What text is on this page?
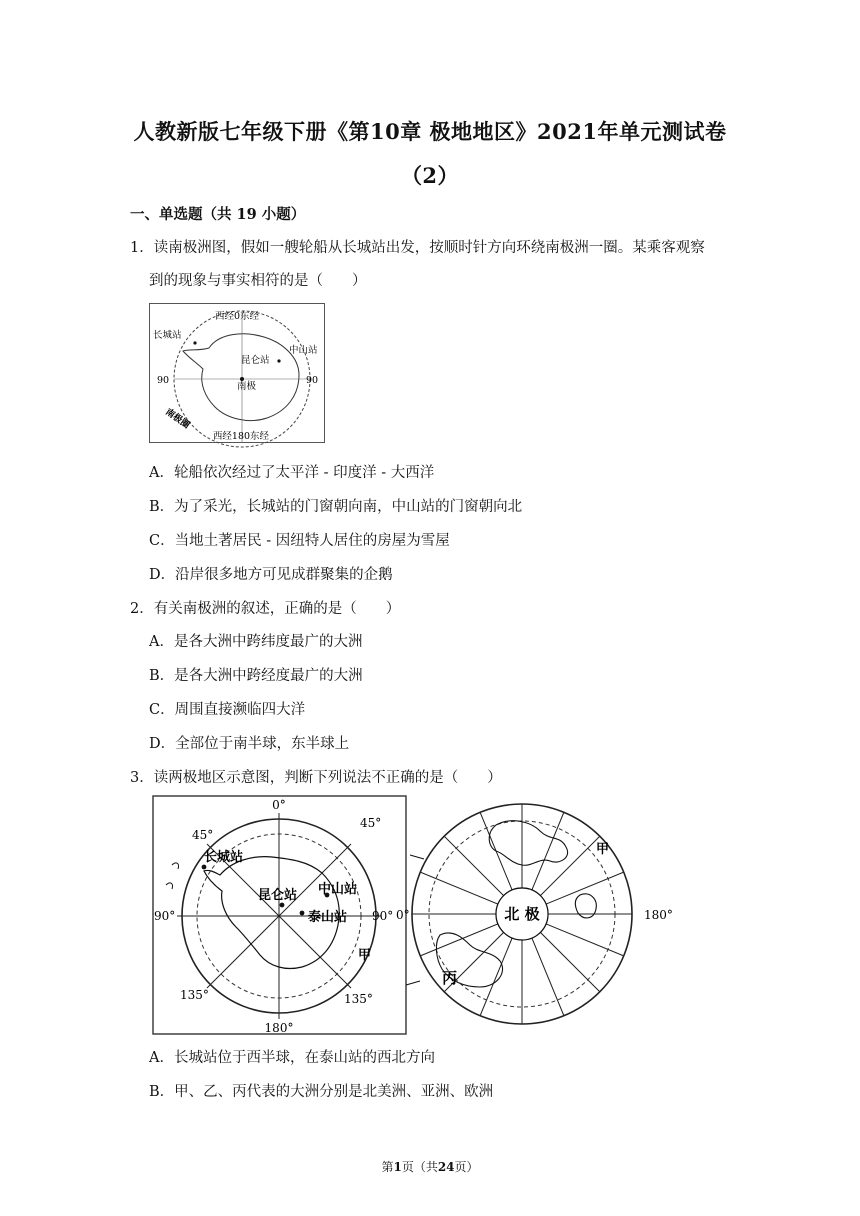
人教新版七年级下册《第10章 极地地区》2021年单元测试卷
（2）
一、单选题（共 19 小题）
1．读南极洲图，假如一艘轮船从长城站出发，按顺时针方向环绕南极洲一圈。某乘客观察
到的现象与事实相符的是（　　）
西经0东经
长城站
中山站
昆仑站
南极
90	90
南极圈
西经180东经
A．轮船依次经过了太平洋 - 印度洋 - 大西洋
B．为了采光，长城站的门窗朝向南，中山站的门窗朝向北
C．当地土著居民 - 因纽特人居住的房屋为雪屋
D．沿岸很多地方可见成群聚集的企鹅
2．有关南极洲的叙述，正确的是（　　）
A．是各大洲中跨纬度最广的大洲
B．是各大洲中跨经度最广的大洲
C．周围直接濒临四大洋
D．全部位于南半球，东半球上
3．读两极地区示意图，判断下列说法不正确的是（　　）
0°
45°
45°
90°	90°
135°	135°
180°
长城站
昆仑站 中山站
泰山站
甲
0°	180°
北 极
甲
丙
A．长城站位于西半球，在泰山站的西北方向
B．甲、乙、丙代表的大洲分别是北美洲、亚洲、欧洲
第1页（共24页）
